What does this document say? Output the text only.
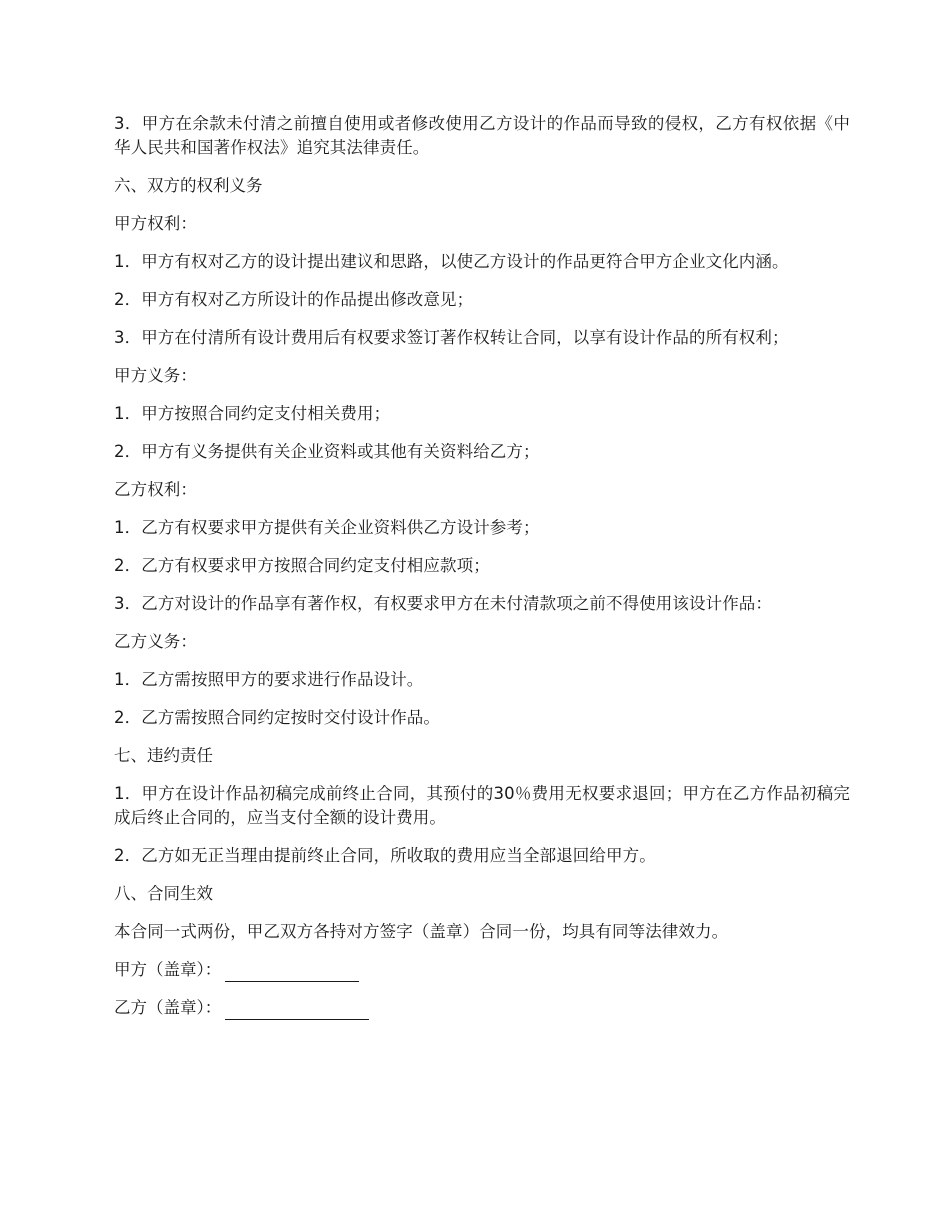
3．甲方在余款未付清之前擅自使用或者修改使用乙方设计的作品而导致的侵权，乙方有权依据《中华人民共和国著作权法》追究其法律责任。

六、双方的权利义务

甲方权利：

1．甲方有权对乙方的设计提出建议和思路，以使乙方设计的作品更符合甲方企业文化内涵。

2．甲方有权对乙方所设计的作品提出修改意见；

3．甲方在付清所有设计费用后有权要求签订著作权转让合同，以享有设计作品的所有权利；

甲方义务：

1．甲方按照合同约定支付相关费用；

2．甲方有义务提供有关企业资料或其他有关资料给乙方；

乙方权利：

1．乙方有权要求甲方提供有关企业资料供乙方设计参考；

2．乙方有权要求甲方按照合同约定支付相应款项；

3．乙方对设计的作品享有著作权，有权要求甲方在未付清款项之前不得使用该设计作品：

乙方义务：

1．乙方需按照甲方的要求进行作品设计。

2．乙方需按照合同约定按时交付设计作品。

七、违约责任

1．甲方在设计作品初稿完成前终止合同，其预付的30％费用无权要求退回；甲方在乙方作品初稿完成后终止合同的，应当支付全额的设计费用。

2．乙方如无正当理由提前终止合同，所收取的费用应当全部退回给甲方。

八、合同生效

本合同一式两份，甲乙双方各持对方签字（盖章）合同一份，均具有同等法律效力。

甲方（盖章）：
乙方（盖章）：
